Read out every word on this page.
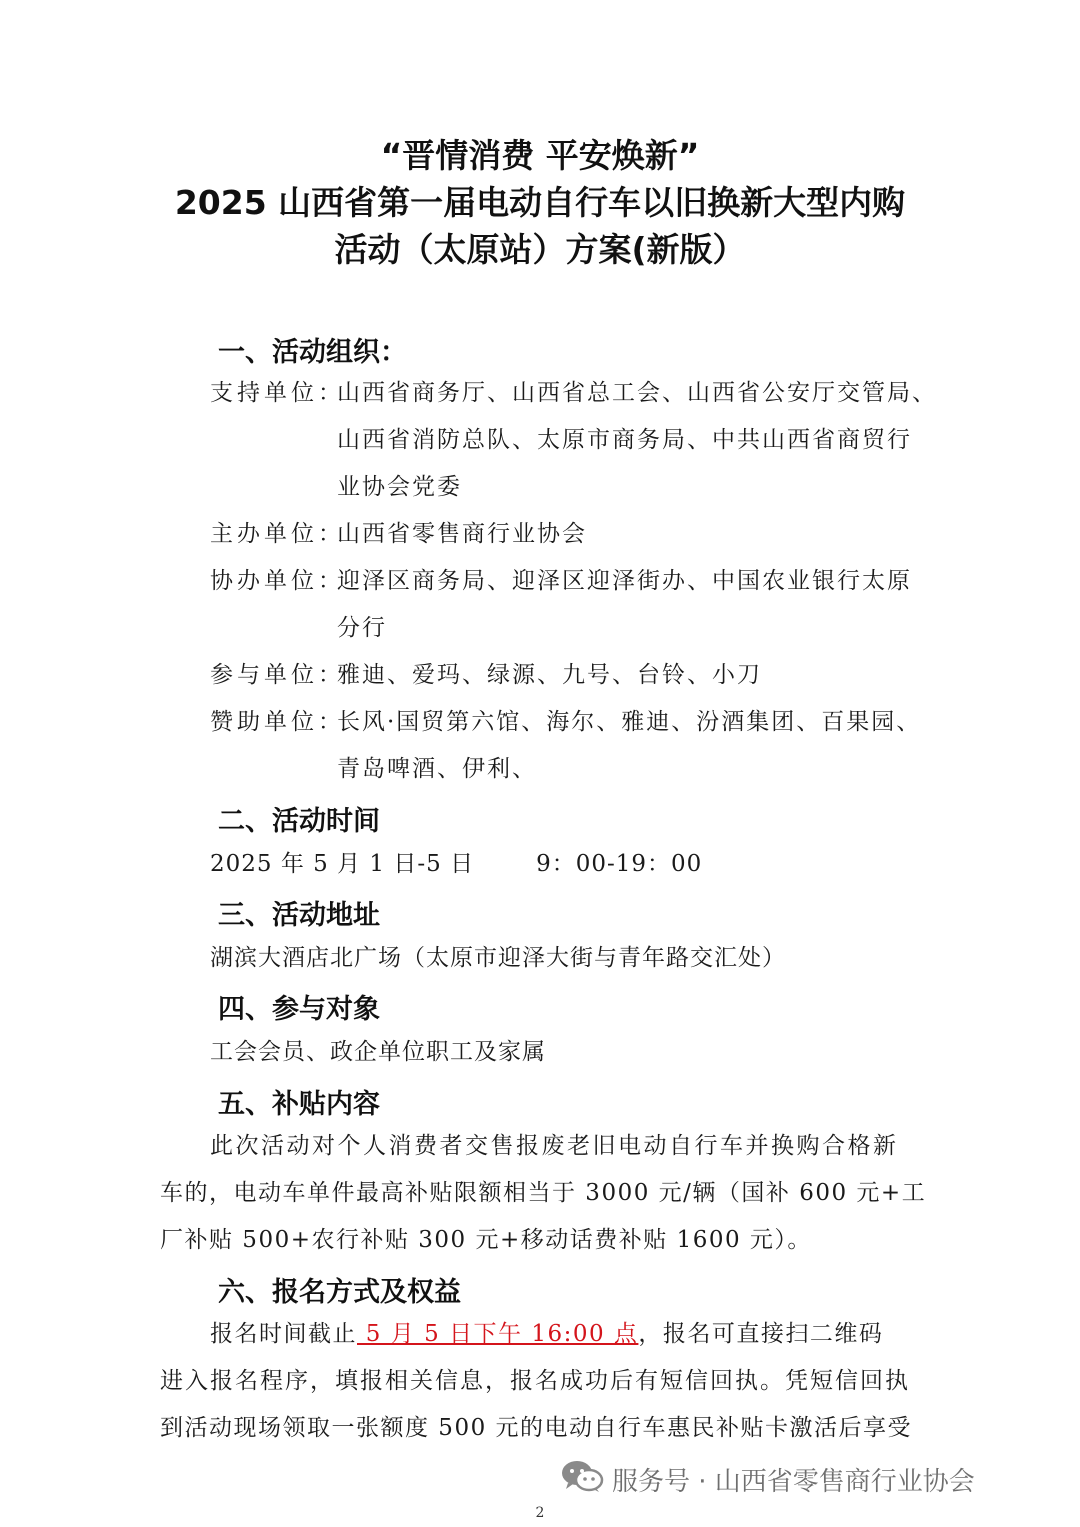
“晋情消费 平安焕新”
2025 山西省第一届电动自行车以旧换新大型内购
活动（太原站）方案(新版）
一、活动组织：
支持单位：山西省商务厅、山西省总工会、山西省公安厅交管局、
山西省消防总队、太原市商务局、中共山西省商贸行
业协会党委
主办单位：山西省零售商行业协会
协办单位：迎泽区商务局、迎泽区迎泽街办、中国农业银行太原
分行
参与单位：雅迪、爱玛、绿源、九号、台铃、小刀
赞助单位：长风·国贸第六馆、海尔、雅迪、汾酒集团、百果园、
青岛啤酒、伊利、
二、活动时间
2025 年 5 月 1 日-5 日	9：00-19：00
三、活动地址
湖滨大酒店北广场（太原市迎泽大街与青年路交汇处）
四、参与对象
工会会员、政企单位职工及家属
五、补贴内容
此次活动对个人消费者交售报废老旧电动自行车并换购合格新
车的，电动车单件最高补贴限额相当于 3000 元/辆（国补 600 元+工
厂补贴 500+农行补贴 300 元+移动话费补贴 1600 元）。
六、报名方式及权益
报名时间截止 5 月 5 日下午 16:00 点，报名可直接扫二维码
进入报名程序，填报相关信息，报名成功后有短信回执。凭短信回执
到活动现场领取一张额度 500 元的电动自行车惠民补贴卡激活后享受
服务号 · 山西省零售商行业协会
2
